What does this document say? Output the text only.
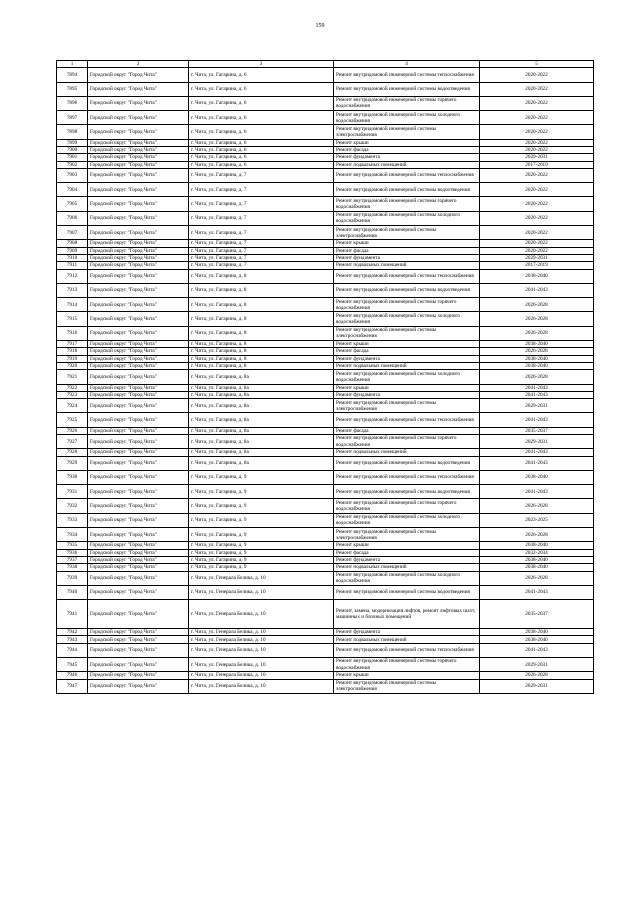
159
1	2	3	4	5
7894	Городской округ "Город Чита"	г. Чита, ул. Гагарина, д. 6	Ремонт внутридомовой инженерной системы теплоснабжения	2020-2022
7895	Городской округ "Город Чита"	г. Чита, ул. Гагарина, д. 6	Ремонт внутридомовой инженерной системы водоотведения	2020-2022
7896	Городской округ "Город Чита"	г. Чита, ул. Гагарина, д. 6	Ремонт внутридомовой инженерной системы горячего водоснабжения	2020-2022
7897	Городской округ "Город Чита"	г. Чита, ул. Гагарина, д. 6	Ремонт внутридомовой инженерной системы холодного водоснабжения	2020-2022
7898	Городской округ "Город Чита"	г. Чита, ул. Гагарина, д. 6	Ремонт внутридомовой инженерной системы электроснабжения	2020-2022
7899	Городской округ "Город Чита"	г. Чита, ул. Гагарина, д. 6	Ремонт крыши	2020-2022
7900	Городской округ "Город Чита"	г. Чита, ул. Гагарина, д. 6	Ремонт фасада	2020-2022
7901	Городской округ "Город Чита"	г. Чита, ул. Гагарина, д. 6	Ремонт фундамента	2029-2031
7902	Городской округ "Город Чита"	г. Чита, ул. Гагарина, д. 6	Ремонт подвальных помещений	2017-2019
7903	Городской округ "Город Чита"	г. Чита, ул. Гагарина, д. 7	Ремонт внутридомовой инженерной системы теплоснабжения	2020-2022
7904	Городской округ "Город Чита"	г. Чита, ул. Гагарина, д. 7	Ремонт внутридомовой инженерной системы водоотведения	2020-2022
7905	Городской округ "Город Чита"	г. Чита, ул. Гагарина, д. 7	Ремонт внутридомовой инженерной системы горячего водоснабжения	2020-2022
7906	Городской округ "Город Чита"	г. Чита, ул. Гагарина, д. 7	Ремонт внутридомовой инженерной системы холодного водоснабжения	2020-2022
7907	Городской округ "Город Чита"	г. Чита, ул. Гагарина, д. 7	Ремонт внутридомовой инженерной системы электроснабжения	2020-2022
7908	Городской округ "Город Чита"	г. Чита, ул. Гагарина, д. 7	Ремонт крыши	2020-2022
7909	Городской округ "Город Чита"	г. Чита, ул. Гагарина, д. 7	Ремонт фасада	2020-2022
7910	Городской округ "Город Чита"	г. Чита, ул. Гагарина, д. 7	Ремонт фундамента	2029-2031
7911	Городской округ "Город Чита"	г. Чита, ул. Гагарина, д. 7	Ремонт подвальных помещений	2017-2019
7912	Городской округ "Город Чита"	г. Чита, ул. Гагарина, д. 8	Ремонт внутридомовой инженерной системы теплоснабжения	2038-2040
7913	Городской округ "Город Чита"	г. Чита, ул. Гагарина, д. 8	Ремонт внутридомовой инженерной системы водоотведения	2041-2043
7914	Городской округ "Город Чита"	г. Чита, ул. Гагарина, д. 8	Ремонт внутридомовой инженерной системы горячего водоснабжения	2026-2028
7915	Городской округ "Город Чита"	г. Чита, ул. Гагарина, д. 8	Ремонт внутридомовой инженерной системы холодного водоснабжения	2026-2028
7916	Городской округ "Город Чита"	г. Чита, ул. Гагарина, д. 8	Ремонт внутридомовой инженерной системы электроснабжения	2026-2028
7917	Городской округ "Город Чита"	г. Чита, ул. Гагарина, д. 8	Ремонт крыши	2038-2040
7918	Городской округ "Город Чита"	г. Чита, ул. Гагарина, д. 8	Ремонт фасада	2026-2028
7919	Городской округ "Город Чита"	г. Чита, ул. Гагарина, д. 8	Ремонт фундамента	2038-2040
7920	Городской округ "Город Чита"	г. Чита, ул. Гагарина, д. 8	Ремонт подвальных помещений	2038-2040
7921	Городской округ "Город Чита"	г. Чита, ул. Гагарина, д. 8а	Ремонт внутридомовой инженерной системы холодного водоснабжения	2026-2028
7922	Городской округ "Город Чита"	г. Чита, ул. Гагарина, д. 8а	Ремонт крыши	2041-2043
7923	Городской округ "Город Чита"	г. Чита, ул. Гагарина, д. 8а	Ремонт фундамента	2041-2043
7924	Городской округ "Город Чита"	г. Чита, ул. Гагарина, д. 8а	Ремонт внутридомовой инженерной системы электроснабжения	2029-2031
7925	Городской округ "Город Чита"	г. Чита, ул. Гагарина, д. 8а	Ремонт внутридомовой инженерной системы теплоснабжения	2041-2043
7926	Городской округ "Город Чита"	г. Чита, ул. Гагарина, д. 8а	Ремонт фасада	2035-2037
7927	Городской округ "Город Чита"	г. Чита, ул. Гагарина, д. 8а	Ремонт внутридомовой инженерной системы горячего водоснабжения	2029-2031
7928	Городской округ "Город Чита"	г. Чита, ул. Гагарина, д. 8а	Ремонт подвальных помещений	2041-2043
7929	Городской округ "Город Чита"	г. Чита, ул. Гагарина, д. 8а	Ремонт внутридомовой инженерной системы водоотведения	2041-2043
7930	Городской округ "Город Чита"	г. Чита, ул. Гагарина, д. 9	Ремонт внутридомовой инженерной системы теплоснабжения	2038-2040
7931	Городской округ "Город Чита"	г. Чита, ул. Гагарина, д. 9	Ремонт внутридомовой инженерной системы водоотведения	2041-2043
7932	Городской округ "Город Чита"	г. Чита, ул. Гагарина, д. 9	Ремонт внутридомовой инженерной системы горячего водоснабжения	2026-2028
7933	Городской округ "Город Чита"	г. Чита, ул. Гагарина, д. 9	Ремонт внутридомовой инженерной системы холодного водоснабжения	2023-2025
7934	Городской округ "Город Чита"	г. Чита, ул. Гагарина, д. 9	Ремонт внутридомовой инженерной системы электроснабжения	2026-2028
7935	Городской округ "Город Чита"	г. Чита, ул. Гагарина, д. 9	Ремонт крыши	2038-2040
7936	Городской округ "Город Чита"	г. Чита, ул. Гагарина, д. 9	Ремонт фасада	2032-2034
7937	Городской округ "Город Чита"	г. Чита, ул. Гагарина, д. 9	Ремонт фундамента	2038-2040
7938	Городской округ "Город Чита"	г. Чита, ул. Гагарина, д. 9	Ремонт подвальных помещений	2038-2040
7939	Городской округ "Город Чита"	г. Чита, ул. Генерала Белика, д. 10	Ремонт внутридомовой инженерной системы холодного водоснабжения	2026-2028
7940	Городской округ "Город Чита"	г. Чита, ул. Генерала Белика, д. 10	Ремонт внутридомовой инженерной системы водоотведения	2041-2043
7941	Городской округ "Город Чита"	г. Чита, ул. Генерала Белика, д. 10	Ремонт, замена, модернизация лифтов, ремонт лифтовых шахт, машинных и блочных помещений	2035-2037
7942	Городской округ "Город Чита"	г. Чита, ул. Генерала Белика, д. 10	Ремонт фундамента	2038-2040
7943	Городской округ "Город Чита"	г. Чита, ул. Генерала Белика, д. 10	Ремонт подвальных помещений	2038-2040
7944	Городской округ "Город Чита"	г. Чита, ул. Генерала Белика, д. 10	Ремонт внутридомовой инженерной системы теплоснабжения	2041-2043
7945	Городской округ "Город Чита"	г. Чита, ул. Генерала Белика, д. 10	Ремонт внутридомовой инженерной системы горячего водоснабжения	2029-2031
7946	Городской округ "Город Чита"	г. Чита, ул. Генерала Белика, д. 10	Ремонт крыши	2026-2028
7947	Городской округ "Город Чита"	г. Чита, ул. Генерала Белика, д. 10	Ремонт внутридомовой инженерной системы электроснабжения	2029-2031
